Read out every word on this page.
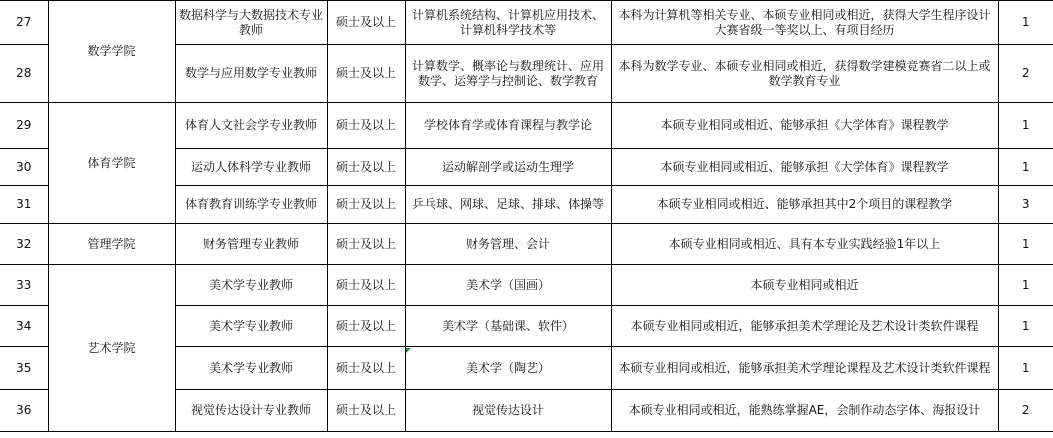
27	数学学院	数据科学与大数据技术专业教师	硕士及以上	计算机系统结构、计算机应用技术、计算机科学技术等	本科为计算机等相关专业、本硕专业相同或相近，获得大学生程序设计大赛省级一等奖以上、有项目经历	1
28		数学与应用数学专业教师	硕士及以上	计算数学、概率论与数理统计、应用数学、运筹学与控制论、数学教育	本科为数学专业、本硕专业相同或相近，获得数学建模竞赛省二以上或数学教育专业	2
29	体育学院	体育人文社会学专业教师	硕士及以上	学校体育学或体育课程与教学论	本硕专业相同或相近、能够承担《大学体育》课程教学	1
30		运动人体科学专业教师	硕士及以上	运动解剖学或运动生理学	本硕专业相同或相近、能够承担《大学体育》课程教学	1
31		体育教育训练学专业教师	硕士及以上	乒乓球、网球、足球、排球、体操等	本硕专业相同或相近、能够承担其中2个项目的课程教学	3
32	管理学院	财务管理专业教师	硕士及以上	财务管理、会计	本硕专业相同或相近、具有本专业实践经验1年以上	1
33	艺术学院	美术学专业教师	硕士及以上	美术学（国画）	本硕专业相同或相近	1
34		美术学专业教师	硕士及以上	美术学（基础课、软件）	本硕专业相同或相近，能够承担美术学理论及艺术设计类软件课程	1
35		美术学专业教师	硕士及以上	美术学（陶艺）	本硕专业相同或相近，能够承担美术学理论课程及艺术设计类软件课程	1
36		视觉传达设计专业教师	硕士及以上	视觉传达设计	本硕专业相同或相近，能熟练掌握AE，会制作动态字体、海报设计	2
